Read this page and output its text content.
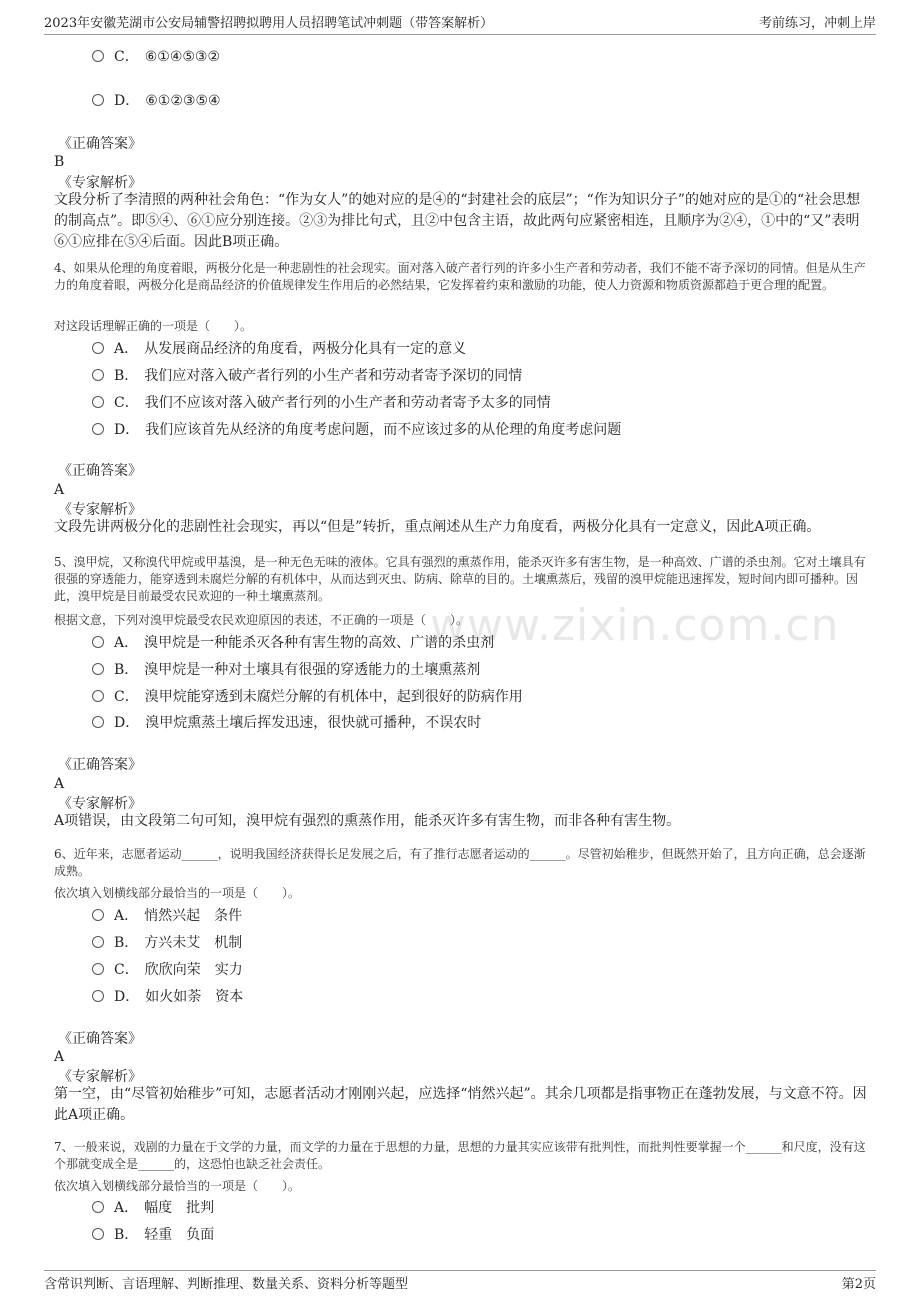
2023年安徽芜湖市公安局辅警招聘拟聘用人员招聘笔试冲刺题（带答案解析）	考前练习，冲刺上岸
www.zixin.com.cn
C． ⑥①④⑤③②
D． ⑥①②③⑤④
《正确答案》
B
《专家解析》
文段分析了李清照的两种社会角色：“作为女人”的她对应的是④的“封建社会的底层”；“作为知识分子”的她对应的是①的“社会思想的制高点”。即⑤④、⑥①应分别连接。②③为排比句式，且②中包含主语，故此两句应紧密相连，且顺序为②④，①中的“又”表明⑥①应排在⑤④后面。因此B项正确。
4、如果从伦理的角度着眼，两极分化是一种悲剧性的社会现实。面对落入破产者行列的许多小生产者和劳动者，我们不能不寄予深切的同情。但是从生产力的角度着眼，两极分化是商品经济的价值规律发生作用后的必然结果，它发挥着约束和激励的功能，使人力资源和物质资源都趋于更合理的配置。
对这段话理解正确的一项是（　　）。
A． 从发展商品经济的角度看，两极分化具有一定的意义
B． 我们应对落入破产者行列的小生产者和劳动者寄予深切的同情
C． 我们不应该对落入破产者行列的小生产者和劳动者寄予太多的同情
D． 我们应该首先从经济的角度考虑问题，而不应该过多的从伦理的角度考虑问题
《正确答案》
A
《专家解析》
文段先讲两极分化的悲剧性社会现实，再以“但是”转折，重点阐述从生产力角度看，两极分化具有一定意义，因此A项正确。
5、溴甲烷，又称溴代甲烷或甲基溴，是一种无色无味的液体。它具有强烈的熏蒸作用，能杀灭许多有害生物，是一种高效、广谱的杀虫剂。它对土壤具有很强的穿透能力，能穿透到未腐烂分解的有机体中，从而达到灭虫、防病、除草的目的。土壤熏蒸后，残留的溴甲烷能迅速挥发，短时间内即可播种。因此，溴甲烷是目前最受农民欢迎的一种土壤熏蒸剂。
根据文意，下列对溴甲烷最受农民欢迎原因的表述，不正确的一项是（　　）。
A． 溴甲烷是一种能杀灭各种有害生物的高效、广谱的杀虫剂
B． 溴甲烷是一种对土壤具有很强的穿透能力的土壤熏蒸剂
C． 溴甲烷能穿透到未腐烂分解的有机体中，起到很好的防病作用
D． 溴甲烷熏蒸土壤后挥发迅速，很快就可播种，不误农时
《正确答案》
A
《专家解析》
A项错误，由文段第二句可知，溴甲烷有强烈的熏蒸作用，能杀灭许多有害生物，而非各种有害生物。
6、近年来，志愿者运动______，说明我国经济获得长足发展之后，有了推行志愿者运动的______。尽管初始稚步，但既然开始了，且方向正确，总会逐渐成熟。
依次填入划横线部分最恰当的一项是（　　）。
A． 悄然兴起　条件
B． 方兴未艾　机制
C． 欣欣向荣　实力
D． 如火如荼　资本
《正确答案》
A
《专家解析》
第一空，由“尽管初始稚步”可知，志愿者活动才刚刚兴起，应选择“悄然兴起”。其余几项都是指事物正在蓬勃发展，与文意不符。因此A项正确。
7、一般来说，戏剧的力量在于文学的力量，而文学的力量在于思想的力量，思想的力量其实应该带有批判性，而批判性要掌握一个______和尺度，没有这个那就变成全是______的，这恐怕也缺乏社会责任。
依次填入划横线部分最恰当的一项是（　　）。
A． 幅度　批判
B． 轻重　负面
含常识判断、言语理解、判断推理、数量关系、资料分析等题型	第2页
